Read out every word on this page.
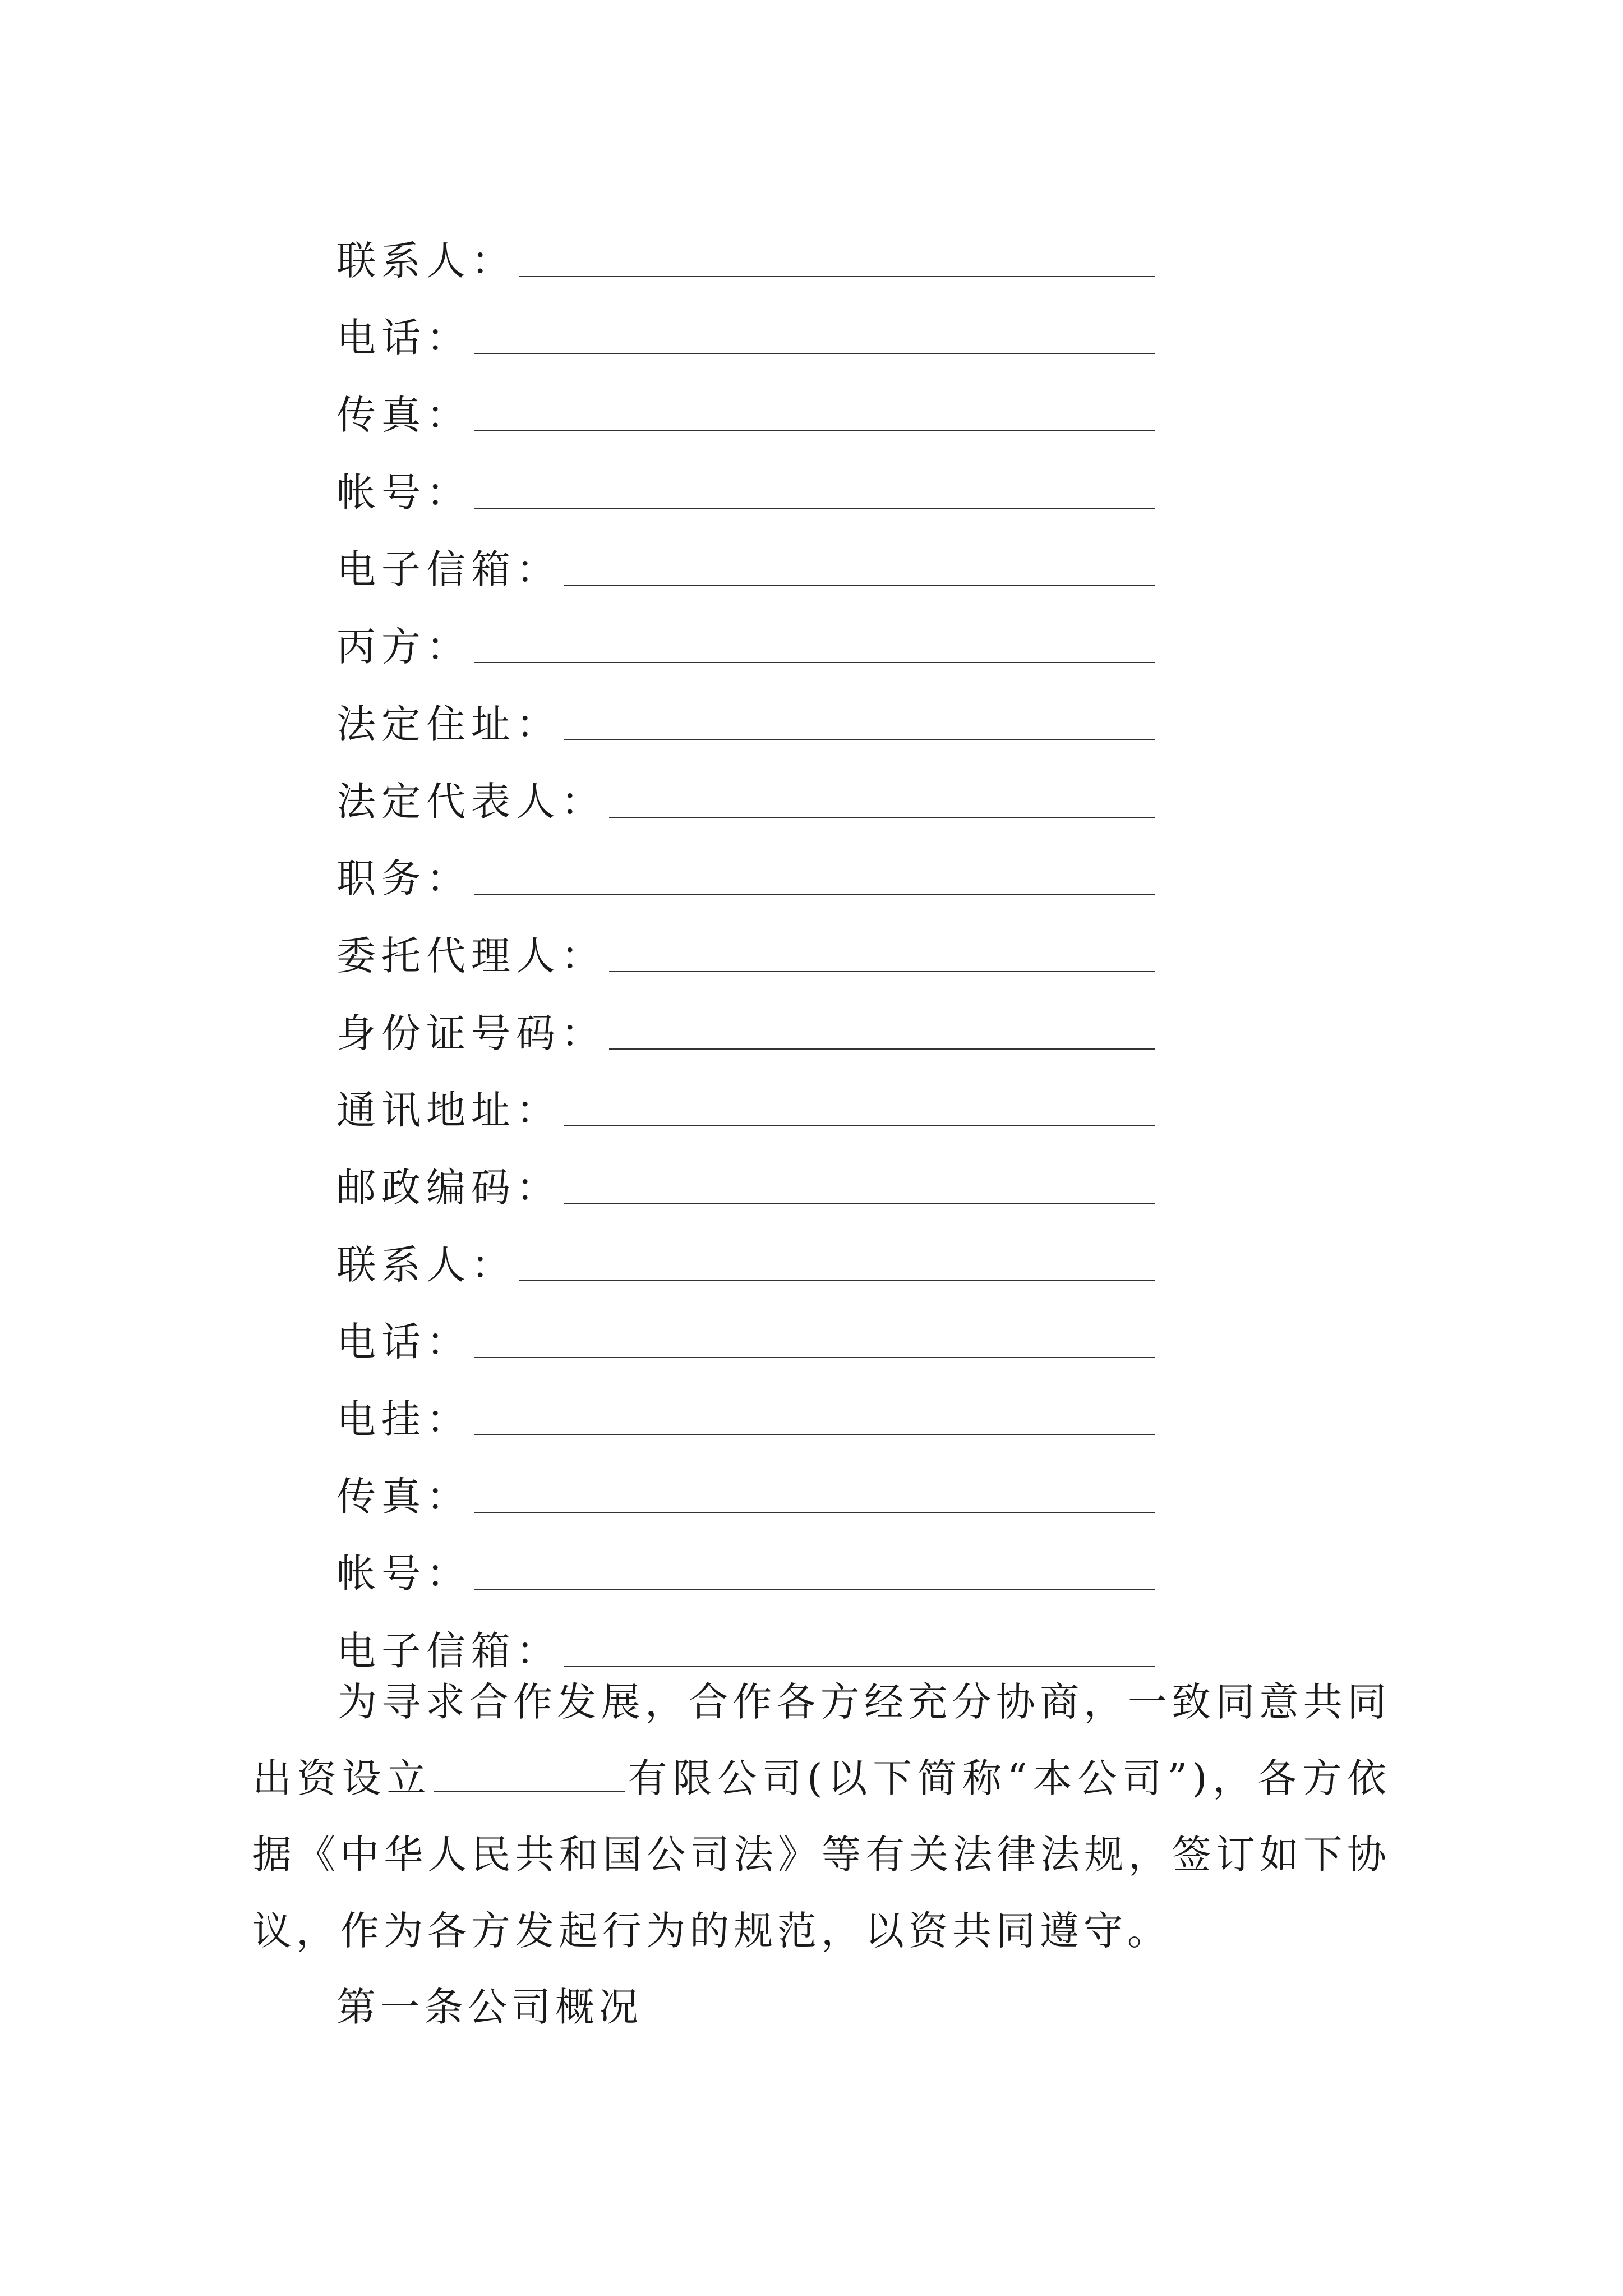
联系人：
电话：
传真：
帐号：
电子信箱：
丙方：
法定住址：
法定代表人：
职务：
委托代理人：
身份证号码：
通讯地址：
邮政编码：
联系人：
电话：
电挂：
传真：
帐号：
电子信箱：

为寻求合作发展，合作各方经充分协商，一致同意共同出资设立	有限公司(以下简称“本公司”)，各方依据《中华人民共和国公司法》等有关法律法规，签订如下协议，作为各方发起行为的规范，以资共同遵守。

第一条公司概况
